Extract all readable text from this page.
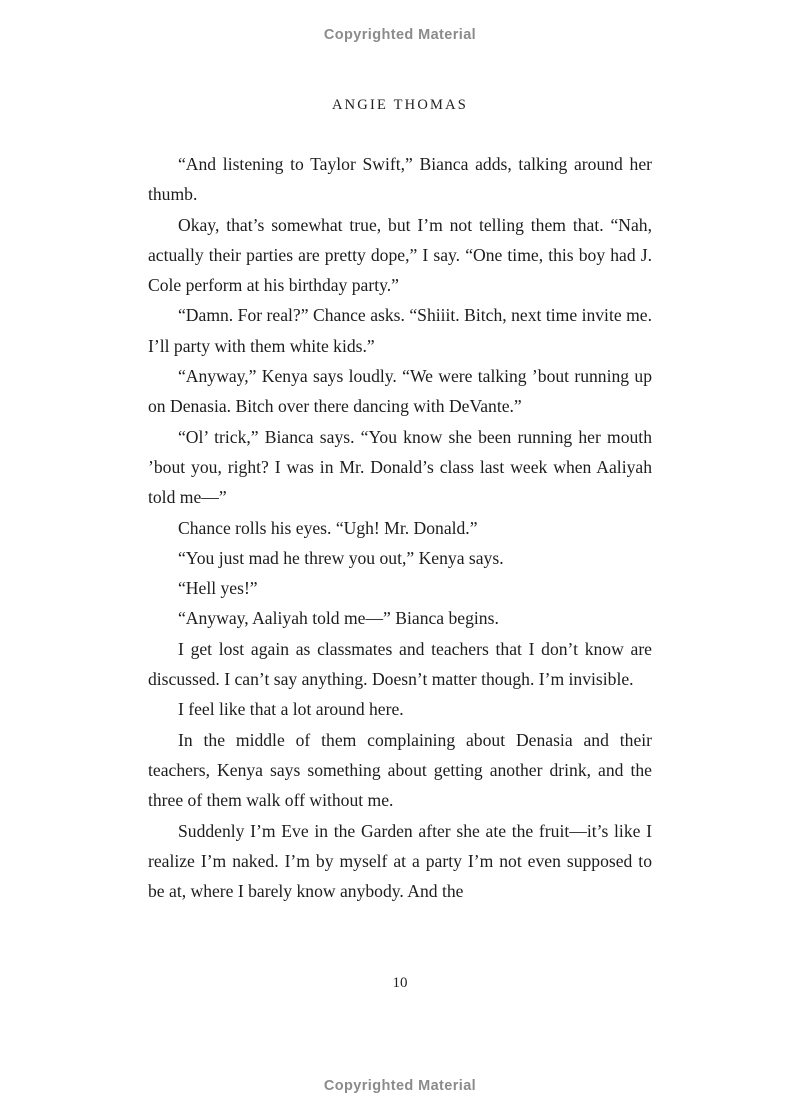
Copyrighted Material
ANGIE THOMAS

“And listening to Taylor Swift,” Bianca adds, talking around her thumb.

Okay, that’s somewhat true, but I’m not telling them that. “Nah, actually their parties are pretty dope,” I say. “One time, this boy had J. Cole perform at his birthday party.”

“Damn. For real?” Chance asks. “Shiiit. Bitch, next time invite me. I’ll party with them white kids.”

“Anyway,” Kenya says loudly. “We were talking ’bout running up on Denasia. Bitch over there dancing with DeVante.”

“Ol’ trick,” Bianca says. “You know she been running her mouth ’bout you, right? I was in Mr. Donald’s class last week when Aaliyah told me—”

Chance rolls his eyes. “Ugh! Mr. Donald.”

“You just mad he threw you out,” Kenya says.

“Hell yes!”

“Anyway, Aaliyah told me—” Bianca begins.

I get lost again as classmates and teachers that I don’t know are discussed. I can’t say anything. Doesn’t matter though. I’m invisible.

I feel like that a lot around here.

In the middle of them complaining about Denasia and their teachers, Kenya says something about getting another drink, and the three of them walk off without me.

Suddenly I’m Eve in the Garden after she ate the fruit—it’s like I realize I’m naked. I’m by myself at a party I’m not even supposed to be at, where I barely know anybody. And the

10
Copyrighted Material
